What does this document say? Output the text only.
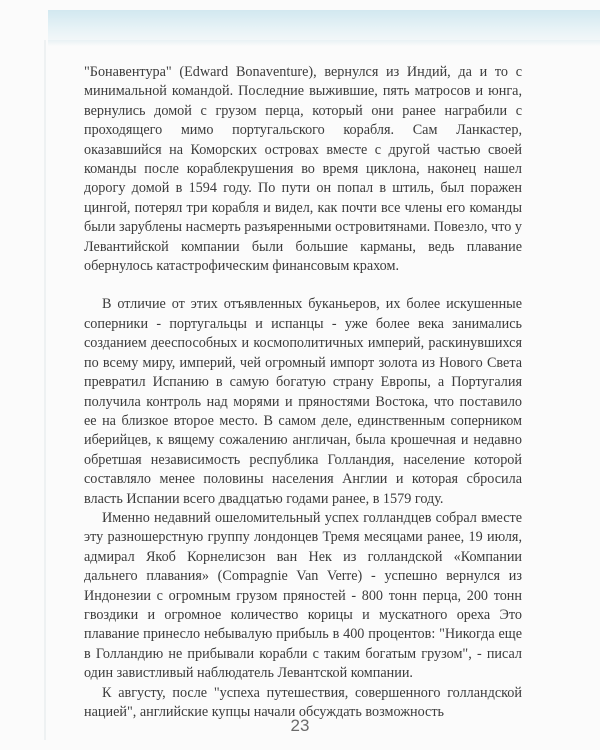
"Бонавентура" (Edward Bonaventure), вернулся из Индий, да и то с минимальной командой. Последние выжившие, пять матросов и юнга, вернулись домой с грузом перца, который они ранее награбили с проходящего мимо португальского корабля. Сам Ланкастер, оказавшийся на Коморских островах вместе с другой частью своей команды после кораблекрушения во время циклона, наконец нашел дорогу домой в 1594 году. По пути он попал в штиль, был поражен цингой, потерял три корабля и видел, как почти все члены его команды были зарублены насмерть разъяренными островитянами. Повезло, что у Левантийской компании были большие карманы, ведь плавание обернулось катастрофическим финансовым крахом.

В отличие от этих отъявленных буканьеров, их более искушенные соперники - португальцы и испанцы - уже более века занимались созданием дееспособных и космополитичных империй, раскинувшихся по всему миру, империй, чей огромный импорт золота из Нового Света превратил Испанию в самую богатую страну Европы, а Португалия получила контроль над морями и пряностями Востока, что поставило ее на близкое второе место. В самом деле, единственным соперником иберийцев, к вящему сожалению англичан, была крошечная и недавно обретшая независимость республика Голландия, население которой составляло менее половины населения Англии и которая сбросила власть Испании всего двадцатью годами ранее, в 1579 году.

Именно недавний ошеломительный успех голландцев собрал вместе эту разношерстную группу лондонцев Тремя месяцами ранее, 19 июля, адмирал Якоб Корнелисзон ван Нек из голландской «Компании дальнего плавания» (Compagnie Van Verre) - успешно вернулся из Индонезии с огромным грузом пряностей - 800 тонн перца, 200 тонн гвоздики и огромное количество корицы и мускатного ореха Это плавание принесло небывалую прибыль в 400 процентов: "Никогда еще в Голландию не прибывали корабли с таким богатым грузом", - писал один завистливый наблюдатель Левантской компании.

К августу, после "успеха путешествия, совершенного голландской нацией", английские купцы начали обсуждать возможность

23
